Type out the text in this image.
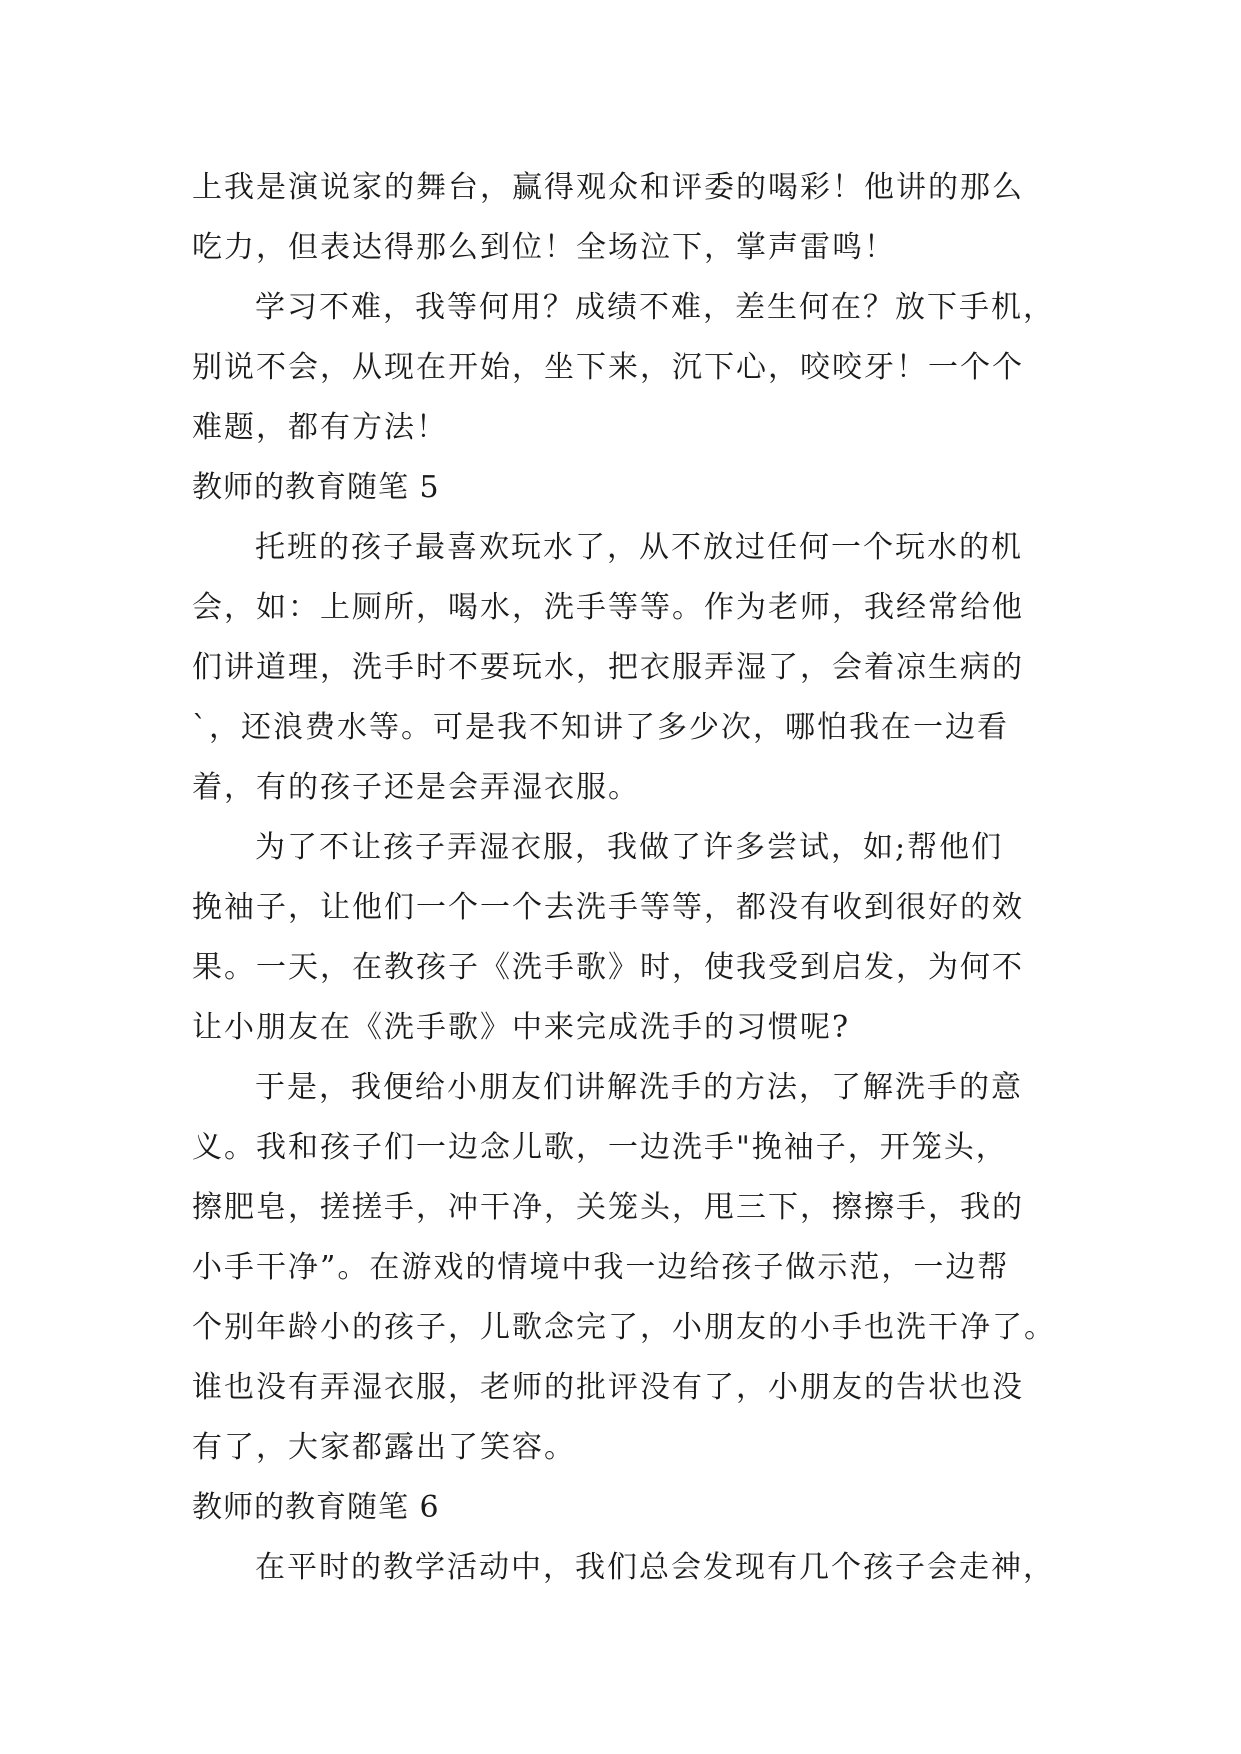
上我是演说家的舞台，赢得观众和评委的喝彩！他讲的那么
吃力，但表达得那么到位！全场泣下，掌声雷鸣！
学习不难，我等何用？成绩不难，差生何在？放下手机，
别说不会，从现在开始，坐下来，沉下心，咬咬牙！一个个
难题，都有方法！
教师的教育随笔 5
托班的孩子最喜欢玩水了，从不放过任何一个玩水的机
会，如：上厕所，喝水，洗手等等。作为老师，我经常给他
们讲道理，洗手时不要玩水，把衣服弄湿了，会着凉生病的
`，还浪费水等。可是我不知讲了多少次，哪怕我在一边看
着，有的孩子还是会弄湿衣服。
为了不让孩子弄湿衣服，我做了许多尝试，如;帮他们
挽袖子，让他们一个一个去洗手等等，都没有收到很好的效
果。一天，在教孩子《洗手歌》时，使我受到启发，为何不
让小朋友在《洗手歌》中来完成洗手的习惯呢?
于是，我便给小朋友们讲解洗手的方法，了解洗手的意
义。我和孩子们一边念儿歌，一边洗手"挽袖子，开笼头，
擦肥皂，搓搓手，冲干净，关笼头，甩三下，擦擦手，我的
小手干净”。在游戏的情境中我一边给孩子做示范，一边帮
个别年龄小的孩子，儿歌念完了，小朋友的小手也洗干净了。
谁也没有弄湿衣服，老师的批评没有了，小朋友的告状也没
有了，大家都露出了笑容。
教师的教育随笔 6
在平时的教学活动中，我们总会发现有几个孩子会走神，
